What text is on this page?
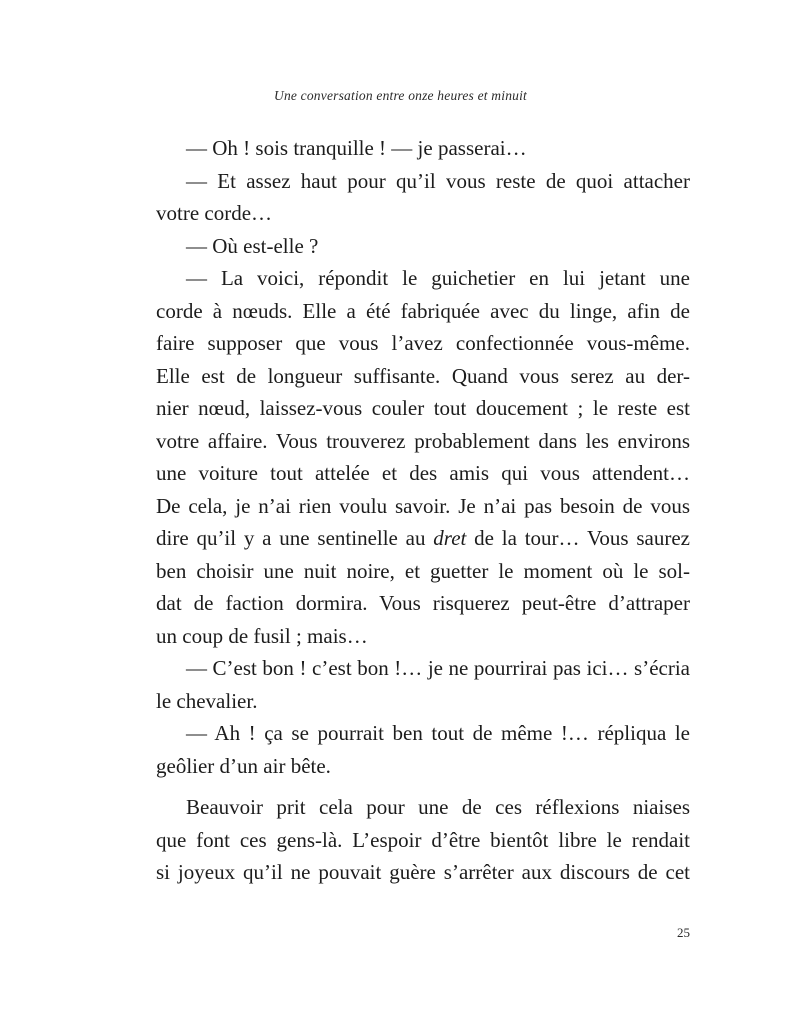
Une conversation entre onze heures et minuit
— Oh ! sois tranquille ! — je passerai…
— Et assez haut pour qu’il vous reste de quoi attacher
votre corde…
— Où est-elle ?
— La voici, répondit le guichetier en lui jetant une
corde à nœuds. Elle a été fabriquée avec du linge, afin de
faire supposer que vous l’avez confectionnée vous-même.
Elle est de longueur suffisante. Quand vous serez au der-
nier nœud, laissez-vous couler tout doucement ; le reste est
votre affaire. Vous trouverez probablement dans les environs
une voiture tout attelée et des amis qui vous attendent…
De cela, je n’ai rien voulu savoir. Je n’ai pas besoin de vous
dire qu’il y a une sentinelle au dret de la tour… Vous saurez
ben choisir une nuit noire, et guetter le moment où le sol-
dat de faction dormira. Vous risquerez peut-être d’attraper
un coup de fusil ; mais…
— C’est bon ! c’est bon !… je ne pourrirai pas ici… s’écria
le chevalier.
— Ah ! ça se pourrait ben tout de même !… répliqua le
geôlier d’un air bête.
Beauvoir prit cela pour une de ces réflexions niaises
que font ces gens-là. L’espoir d’être bientôt libre le rendait
si joyeux qu’il ne pouvait guère s’arrêter aux discours de cet
25
